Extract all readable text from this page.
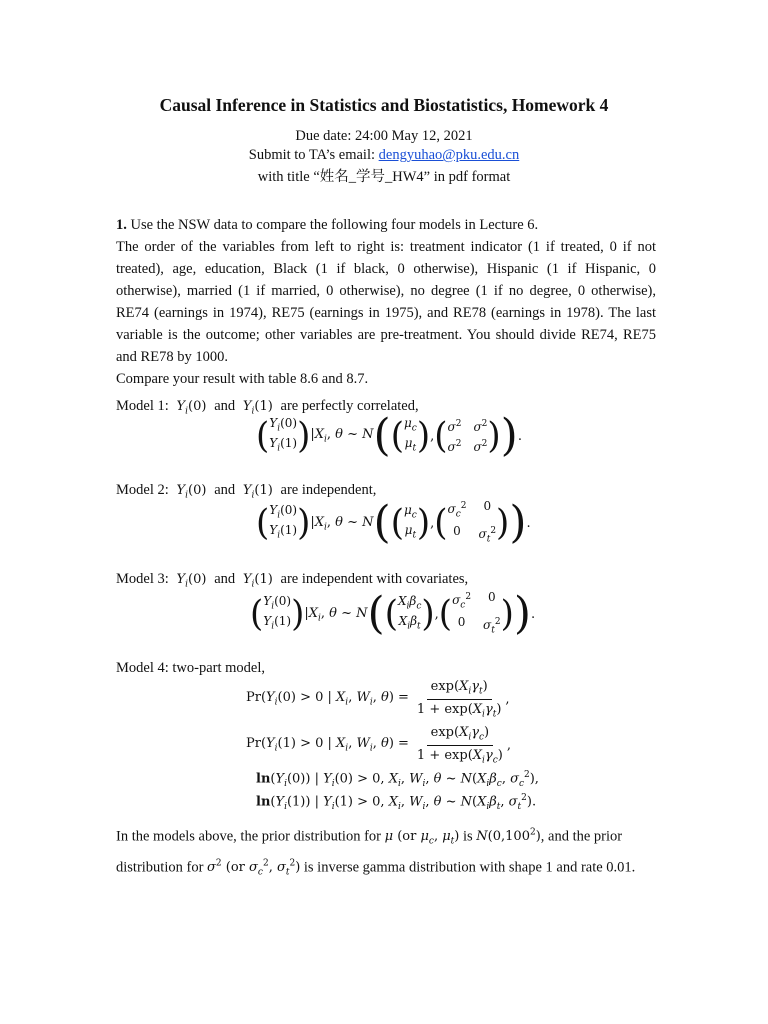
Causal Inference in Statistics and Biostatistics, Homework 4
Due date: 24:00 May 12, 2021
Submit to TA’s email: dengyuhao@pku.edu.cn
with title “姓名_学号_HW4” in pdf format
1. Use the NSW data to compare the following four models in Lecture 6.

The order of the variables from left to right is: treatment indicator (1 if treated, 0 if not treated), age, education, Black (1 if black, 0 otherwise), Hispanic (1 if Hispanic, 0 otherwise), married (1 if married, 0 otherwise), no degree (1 if no degree, 0 otherwise), RE74 (earnings in 1974), RE75 (earnings in 1975), and RE78 (earnings in 1978). The last variable is the outcome; other variables are pre-treatment. You should divide RE74, RE75 and RE78 by 1000.
Compare your result with table 8.6 and 8.7.
Model 1: $Y_i(0)$  and $Y_i(1)$  are perfectly correlated,
( $Y_i(0)$
$Y_i(1)$ ) $|X_i$, θ ~ N ( ( $\mu_c$
$\mu_t$ ) , ( $\sigma^2$ $\sigma^2$
$\sigma^2$ $\sigma^2$ ) ) .
Model 2: $Y_i(0)$  and $Y_i(1)$  are independent,
( $Y_i(0)$
$Y_i(1)$ ) $|X_i$, θ ~ N ( ( $\mu_c$
$\mu_t$ ) , ( $\sigma_c^2$	0
0	$\sigma_t^2$ ) ) .
Model 3: $Y_i(0)$  and $Y_i(1)$  are independent with covariates,
( $Y_i(0)$
$Y_i(1)$ ) $|X_i$, θ ~ N ( ( $X_i\beta_c$
$X_i\beta_t$ ) , ( $\sigma_c^2$	0
0	$\sigma_t^2$ ) ) .
Model 4: two-part model,
$Pr(Y_i(0) > 0$ | $X_i$, $W_i$, $\theta) = \frac{\exp(X_i\gamma_t)}{1 + \exp(X_i\gamma_t)}$ ,
$Pr(Y_i(1) > 0$ | $X_i$, $W_i$, $\theta) = \frac{\exp(X_i\gamma_c)}{1 + \exp(X_i\gamma_c)}$ ,
$\ln(Y_i(0))$ | $Y_i(0) > 0$, $X_i$, $W_i$, θ ~ $N(X_i\beta_c$, $\sigma_c^2$),
$\ln(Y_i(1))$ | $Y_i(1) > 0$, $X_i$, $W_i$, θ ~ $N(X_i\beta_t$, $\sigma_t^2$).
In the models above, the prior distribution for μ (or $\mu_c$, $\mu_t$) is N(0,100$^2$), and the prior distribution for $\sigma^2$ (or $\sigma_c^2$, $\sigma_t^2$) is inverse gamma distribution with shape 1 and rate 0.01.
